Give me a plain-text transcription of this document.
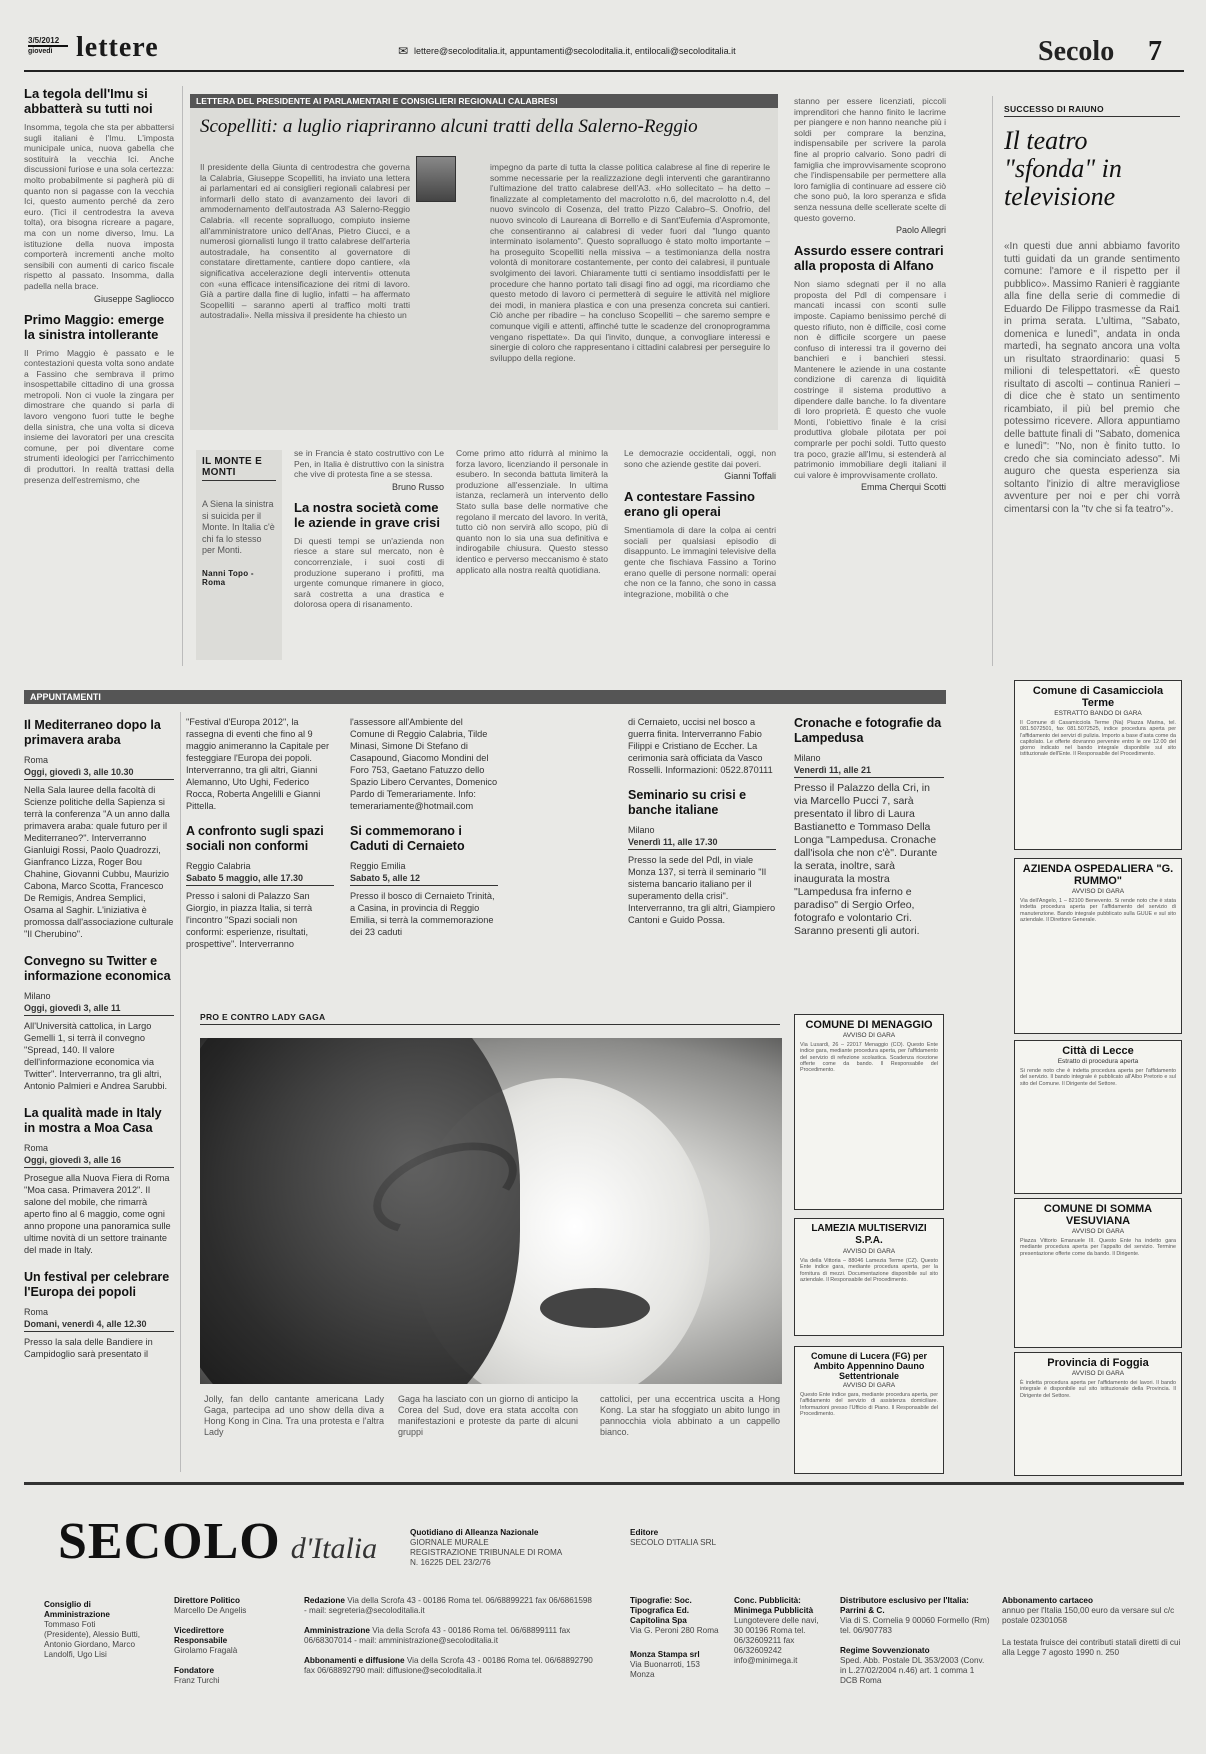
3/5/2012
giovedì lettere	✉ lettere@secoloditalia.it, appuntamenti@secoloditalia.it, entilocali@secoloditalia.it	Secolo 7
La tegola dell'Imu si abbatterà su tutti noi
Insomma, tegola che sta per abbattersi sugli italiani è l'Imu. L'imposta municipale unica, nuova gabella che sostituirà la vecchia Ici. Anche discussioni furiose e una sola certezza: molto probabilmente si pagherà più di quanto non si pagasse con la vecchia Ici, questo aumento perché da zero euro. (Tici il centrodestra la aveva tolta), ora bisogna ricreare a pagare, ma con un nome diverso, Imu. La istituzione della nuova imposta comporterà incrementi anche molto sensibili con aumenti di carico fiscale rispetto al passato. Insomma, dalla padella nella brace.
Giuseppe Sagliocco
Primo Maggio: emerge la sinistra intollerante
Il Primo Maggio è passato e le contestazioni questa volta sono andate a Fassino che sembrava il primo insospettabile cittadino di una grossa metropoli. Non ci vuole la zingara per dimostrare che quando si parla di lavoro vengono fuori tutte le beghe della sinistra, che una volta si diceva insieme dei lavoratori per una crescita comune, per poi diventare come strumenti ideologici per l'arricchimento di produttori. In realtà trattasi della presenza dell'estremismo, che
LETTERA DEL PRESIDENTE AI PARLAMENTARI E CONSIGLIERI REGIONALI CALABRESI
Scopelliti: a luglio riapriranno alcuni tratti della Salerno-Reggio
Il presidente della Giunta di centrodestra che governa la Calabria, Giuseppe Scopelliti, ha inviato una lettera ai parlamentari ed ai consiglieri regionali calabresi per informarli dello stato di avanzamento dei lavori di ammodernamento dell'autostrada A3 Salerno-Reggio Calabria. «Il recente sopralluogo, compiuto insieme all'amministratore unico dell'Anas, Pietro Ciucci, e a numerosi giornalisti lungo il tratto calabrese dell'arteria autostradale, ha consentito al governatore di constatare direttamente, cantiere dopo cantiere, «la significativa accelerazione degli interventi» ottenuta con «una efficace intensificazione dei ritmi di lavoro. Già a partire dalla fine di luglio, infatti – ha affermato Scopelliti – saranno aperti al traffico molti tratti autostradali». Nella missiva il presidente ha chiesto un
impegno da parte di tutta la classe politica calabrese al fine di reperire le somme necessarie per la realizzazione degli interventi che garantiranno l'ultimazione del tratto calabrese dell'A3. «Ho sollecitato – ha detto – finalizzate al completamento del macrolotto n.6, del macrolotto n.4, del nuovo svincolo di Cosenza, del tratto Pizzo Calabro–S. Onofrio, del nuovo svincolo di Laureana di Borrello e di Sant'Eufemia d'Aspromonte, che consentiranno ai calabresi di veder fuori dal "lungo quanto interminato isolamento". Questo sopralluogo è stato molto importante – ha proseguito Scopelliti nella missiva – a testimonianza della nostra volontà di monitorare costantemente, per conto dei calabresi, il puntuale svolgimento dei lavori. Chiaramente tutti ci sentiamo insoddisfatti per le procedure che hanno portato tali disagi fino ad oggi, ma ricordiamo che questo metodo di lavoro ci permetterà di seguire le attività nel migliore dei modi, in maniera plastica e con una presenza concreta sui cantieri. Ciò anche per ribadire – ha concluso Scopelliti – che saremo sempre e comunque vigili e attenti, affinché tutte le scadenze del cronoprogramma vengano rispettate». Da qui l'invito, dunque, a convogliare interessi e sinergie di coloro che rappresentano i cittadini calabresi per perseguire lo sviluppo della regione.
stanno per essere licenziati, piccoli imprenditori che hanno finito le lacrime per piangere e non hanno neanche più i soldi per comprare la benzina, indispensabile per scrivere la parola fine al proprio calvario. Sono padri di famiglia che improvvisamente scoprono che l'indispensabile per permettere alla loro famiglia di continuare ad essere ciò che sono può, la loro speranza e sfida senza nessuna delle scellerate scelte di questo governo.
Paolo Allegri
Assurdo essere contrari alla proposta di Alfano
Non siamo sdegnati per il no alla proposta del Pdl di compensare i mancati incassi con sconti sulle imposte. Capiamo benissimo perché di questo rifiuto, non è difficile, così come non è difficile scorgere un paese confuso di interessi tra il governo dei banchieri e i banchieri stessi. Mantenere le aziende in una costante condizione di carenza di liquidità costringe il sistema produttivo a dipendere dalle banche. Io fa diventare di loro proprietà. È questo che vuole Monti, l'obiettivo finale è la crisi produttiva globale pilotata per poi comprarle per pochi soldi. Tutto questo tra poco, grazie all'Imu, si estenderà al patrimonio immobiliare degli italiani il cui valore è improvvisamente crollato.
Emma Cherqui Scotti
SUCCESSO DI RAIUNO
Il teatro "sfonda" in televisione
«In questi due anni abbiamo favorito tutti guidati da un grande sentimento comune: l'amore e il rispetto per il pubblico». Massimo Ranieri è raggiante alla fine della serie di commedie di Eduardo De Filippo trasmesse da Rai1 in prima serata. L'ultima, "Sabato, domenica e lunedì", andata in onda martedì, ha segnato ancora una volta un risultato straordinario: quasi 5 milioni di telespettatori. «È questo risultato di ascolti – continua Ranieri – di dice che è stato un sentimento ricambiato, il più bel premio che potessimo ricevere. Allora appuntiamo delle battute finali di "Sabato, domenica e lunedì": "No, non è finito tutto. Io credo che sia cominciato adesso". Mi auguro che questa esperienza sia soltanto l'inizio di altre meravigliose avventure per noi e per chi vorrà cimentarsi con la "tv che si fa teatro"».
IL MONTE E MONTI
A Siena la sinistra si suicida per il Monte. In Italia c'è chi fa lo stesso per Monti.
Nanni Topo - Roma
se in Francia è stato costruttivo con Le Pen, in Italia è distruttivo con la sinistra che vive di protesta fine a se stessa.
Bruno Russo
La nostra società come le aziende in grave crisi
Di questi tempi se un'azienda non riesce a stare sul mercato, non è concorrenziale, i suoi costi di produzione superano i profitti, ma urgente comunque rimanere in gioco, sarà costretta a una drastica e dolorosa opera di risanamento.
Come primo atto ridurrà al minimo la forza lavoro, licenziando il personale in esubero. In seconda battuta limiterà la produzione all'essenziale. In ultima istanza, reclamerà un intervento dello Stato sulla base delle normative che regolano il mercato del lavoro. In verità, tutto ciò non servirà allo scopo, più di quanto non lo sia una sua definitiva e indirogabile chiusura. Questo stesso identico e perverso meccanismo è stato applicato alla nostra realtà quotidiana.
Le democrazie occidentali, oggi, non sono che aziende gestite dai poveri.
Gianni Toffali
A contestare Fassino erano gli operai
Smentiamola di dare la colpa ai centri sociali per qualsiasi episodio di disappunto. Le immagini televisive della gente che fischiava Fassino a Torino erano quelle di persone normali: operai che non ce la fanno, che sono in cassa integrazione, mobilità o che
APPUNTAMENTI
Il Mediterraneo dopo la primavera araba
Roma
Oggi, giovedì 3, alle 10.30
Nella Sala lauree della facoltà di Scienze politiche della Sapienza si terrà la conferenza "A un anno dalla primavera araba: quale futuro per il Mediterraneo?". Interverranno Gianluigi Rossi, Paolo Quadrozzi, Gianfranco Lizza, Roger Bou Chahine, Giovanni Cubbu, Maurizio Cabona, Marco Scotta, Francesco De Remigis, Andrea Semplici, Osama al Saghir. L'iniziativa è promossa dall'associazione culturale "Il Cherubino".
Convegno su Twitter e informazione economica
Milano
Oggi, giovedì 3, alle 11
All'Università cattolica, in Largo Gemelli 1, si terrà il convegno "Spread, 140. Il valore dell'informazione economica via Twitter". Interverranno, tra gli altri, Antonio Palmieri e Andrea Sarubbi.
La qualità made in Italy in mostra a Moa Casa
Roma
Oggi, giovedì 3, alle 16
Prosegue alla Nuova Fiera di Roma "Moa casa. Primavera 2012". Il salone del mobile, che rimarrà aperto fino al 6 maggio, come ogni anno propone una panoramica sulle ultime novità di un settore trainante del made in Italy.
Un festival per celebrare l'Europa dei popoli
Roma
Domani, venerdì 4, alle 12.30
Presso la sala delle Bandiere in Campidoglio sarà presentato il
"Festival d'Europa 2012", la rassegna di eventi che fino al 9 maggio animeranno la Capitale per festeggiare l'Europa dei popoli. Interverranno, tra gli altri, Gianni Alemanno, Uto Ughi, Federico Rocca, Roberta Angelilli e Gianni Pittella.
A confronto sugli spazi sociali non conformi
Reggio Calabria
Sabato 5 maggio, alle 17.30
Presso i saloni di Palazzo San Giorgio, in piazza Italia, si terrà l'incontro "Spazi sociali non conformi: esperienze, risultati, prospettive". Interverranno
l'assessore all'Ambiente del Comune di Reggio Calabria, Tilde Minasi, Simone Di Stefano di Casapound, Giacomo Mondini del Foro 753, Gaetano Fatuzzo dello Spazio Libero Cervantes, Domenico Pardo di Temerariamente. Info: temerariamente@hotmail.com
Si commemorano i Caduti di Cernaieto
Reggio Emilia
Sabato 5, alle 12
Presso il bosco di Cernaieto Trinità, a Casina, in provincia di Reggio Emilia, si terrà la commemorazione dei 23 caduti
di Cernaieto, uccisi nel bosco a guerra finita. Interverranno Fabio Filippi e Cristiano de Eccher. La cerimonia sarà officiata da Vasco Rosselli. Informazioni: 0522.870111
Seminario su crisi e banche italiane
Milano
Venerdì 11, alle 17.30
Presso la sede del Pdl, in viale Monza 137, si terrà il seminario "Il sistema bancario italiano per il superamento della crisi". Interverranno, tra gli altri, Giampiero Cantoni e Guido Possa.
Cronache e fotografie da Lampedusa
Milano
Venerdì 11, alle 21
Presso il Palazzo della Cri, in via Marcello Pucci 7, sarà presentato il libro di Laura Bastianetto e Tommaso Della Longa "Lampedusa. Cronache dall'isola che non c'è". Durante la serata, inoltre, sarà inaugurata la mostra "Lampedusa fra inferno e paradiso" di Sergio Orfeo, fotografo e volontario Cri. Saranno presenti gli autori.
PRO E CONTRO LADY GAGA
Jolly, fan dello cantante americana Lady Gaga, partecipa ad uno show della diva a Hong Kong in Cina. Tra una protesta e l'altra Lady
Gaga ha lasciato con un giorno di anticipo la Corea del Sud, dove era stata accolta con manifestazioni e proteste da parte di alcuni gruppi
cattolici, per una eccentrica uscita a Hong Kong. La star ha sfoggiato un abito lungo in pannocchia viola abbinato a un cappello bianco.
Comune di Casamicciola Terme
ESTRATTO BANDO DI GARA
Il Comune di Casamicciola Terme (Na) Piazza Marina, tel. 081.5072501, fax 081.5072525, indice procedura aperta per l'affidamento dei servizi di pulizia. Importo a base d'asta come da capitolato. Le offerte dovranno pervenire entro le ore 12.00 del giorno indicato nel bando integrale disponibile sul sito istituzionale dell'Ente. Il Responsabile del Procedimento.
AZIENDA OSPEDALIERA "G. RUMMO"
AVVISO DI GARA
Via dell'Angelo, 1 – 82100 Benevento. Si rende noto che è stata indetta procedura aperta per l'affidamento del servizio di manutenzione. Bando integrale pubblicato sulla GUUE e sul sito aziendale. Il Direttore Generale.
COMUNE DI MENAGGIO
AVVISO DI GARA
Via Lusardi, 26 – 22017 Menaggio (CO). Questo Ente indice gara, mediante procedura aperta, per l'affidamento del servizio di refezione scolastica. Scadenza ricezione offerte come da bando. Il Responsabile del Procedimento.
Città di Lecce
Estratto di procedura aperta
Si rende noto che è indetta procedura aperta per l'affidamento del servizio. Il bando integrale è pubblicato all'Albo Pretorio e sul sito del Comune. Il Dirigente del Settore.
LAMEZIA MULTISERVIZI S.P.A.
AVVISO DI GARA
Via della Vittoria – 88046 Lamezia Terme (CZ). Questo Ente indice gara, mediante procedura aperta, per la fornitura di mezzi. Documentazione disponibile sul sito aziendale. Il Responsabile del Procedimento.
COMUNE DI SOMMA VESUVIANA
AVVISO DI GARA
Piazza Vittorio Emanuele III. Questo Ente ha indetto gara mediante procedura aperta per l'appalto del servizio. Termine presentazione offerte come da bando. Il Dirigente.
Comune di Lucera (FG) per Ambito Appennino Dauno Settentrionale
AVVISO DI GARA
Questo Ente indice gara, mediante procedura aperta, per l'affidamento del servizio di assistenza domiciliare. Informazioni presso l'Ufficio di Piano. Il Responsabile del Procedimento.
Provincia di Foggia
AVVISO DI GARA
È indetta procedura aperta per l'affidamento dei lavori. Il bando integrale è disponibile sul sito istituzionale della Provincia. Il Dirigente del Settore.
SECOLO d'Italia	Quotidiano di Alleanza Nazionale
GIORNALE MURALE
REGISTRAZIONE TRIBUNALE DI ROMA
N. 16225 DEL 23/2/76
Editore
SECOLO D'ITALIA SRL
Consiglio di Amministrazione
Tommaso Foti (Presidente), Alessio Butti, Antonio Giordano, Marco Landolfi, Ugo Lisi
Direttore Politico
Marcello De Angelis
Vicedirettore Responsabile
Girolamo Fragalà
Fondatore
Franz Turchi
Redazione Via della Scrofa 43 - 00186 Roma tel. 06/68899221 fax 06/6861598 - mail: segreteria@secoloditalia.it
Amministrazione Via della Scrofa 43 - 00186 Roma tel. 06/68899111 fax 06/68307014 - mail: amministrazione@secoloditalia.it
Abbonamenti e diffusione Via della Scrofa 43 - 00186 Roma tel. 06/68892790 fax 06/68892790 mail: diffusione@secoloditalia.it
Tipografie: Soc. Tipografica Ed. Capitolina Spa
Via G. Peroni 280 Roma
Monza Stampa srl
Via Buonarroti, 153 Monza
Conc. Pubblicità: Minimega Pubblicità
Lungotevere delle navi, 30 00196 Roma tel. 06/32609211 fax 06/32609242 info@minimega.it
Distributore esclusivo per l'Italia: Parrini & C.
Via di S. Cornelia 9 00060 Formello (Rm) tel. 06/907783
Regime Sovvenzionato
Sped. Abb. Postale DL 353/2003 (Conv. in L.27/02/2004 n.46) art. 1 comma 1 DCB Roma
Abbonamento cartaceo
annuo per l'Italia 150,00 euro da versare sul c/c postale 02301058
La testata fruisce dei contributi statali diretti di cui alla Legge 7 agosto 1990 n. 250
